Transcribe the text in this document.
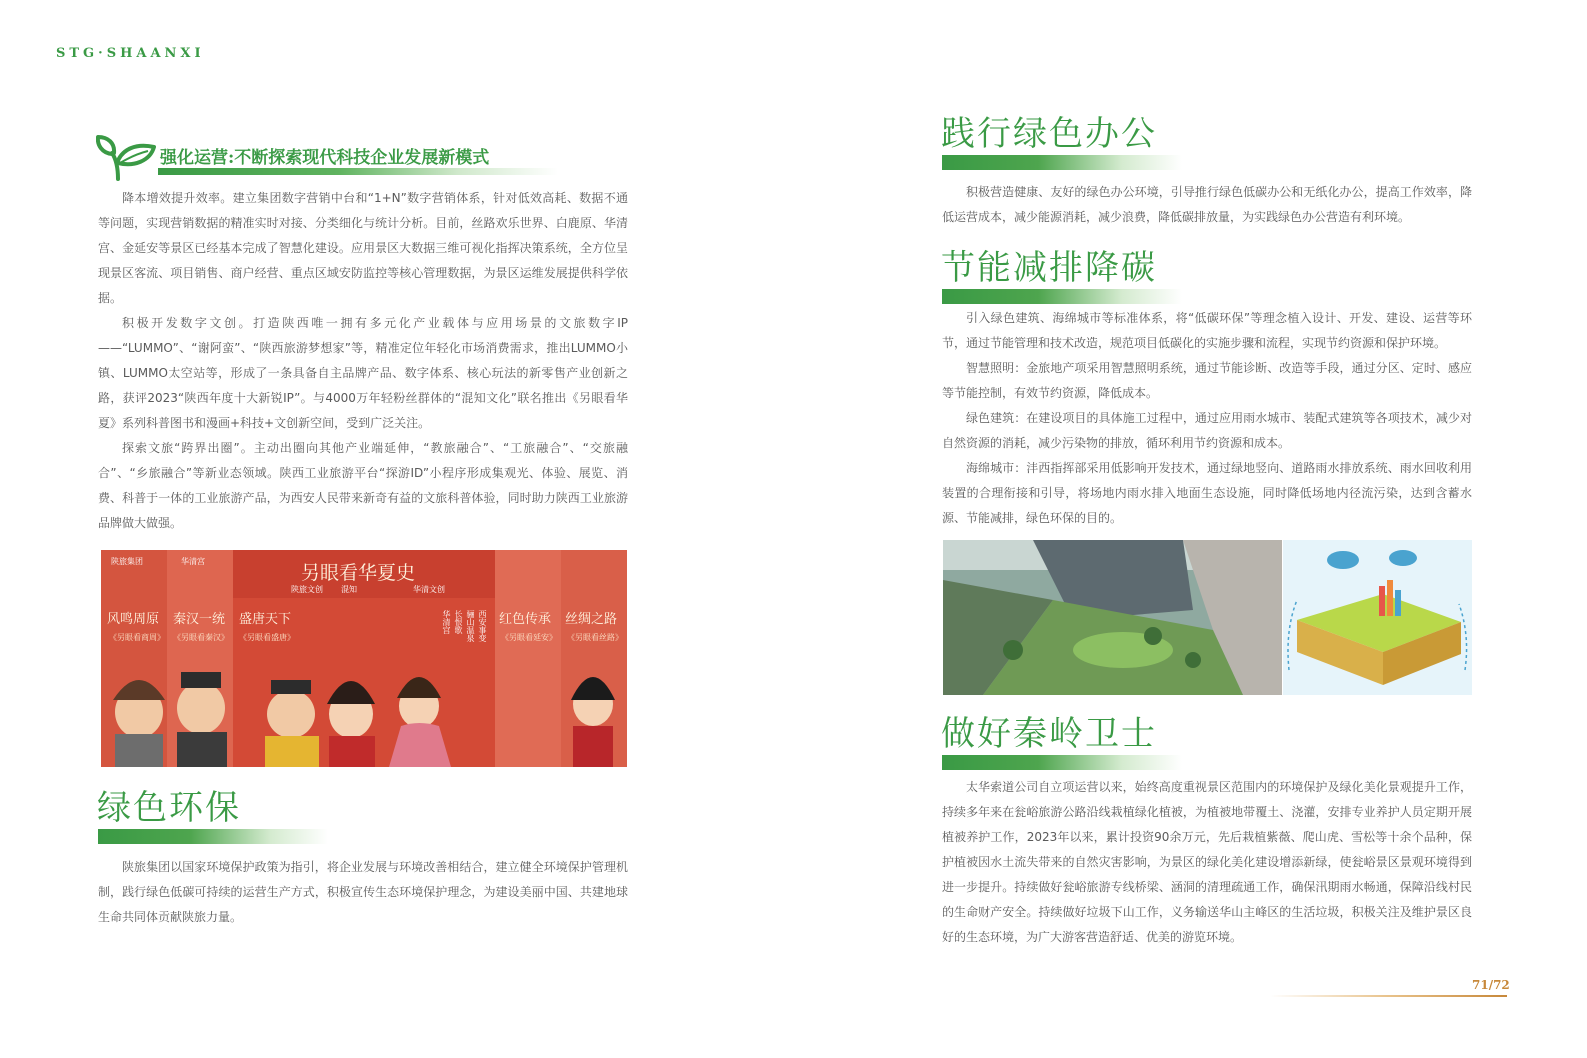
STG·SHAANXI
强化运营:不断探索现代科技企业发展新模式

降本增效提升效率。建立集团数字营销中台和“1+N”数字营销体系，针对低效高耗、数据不通等问题，实现营销数据的精准实时对接、分类细化与统计分析。目前，丝路欢乐世界、白鹿原、华清宫、金延安等景区已经基本完成了智慧化建设。应用景区大数据三维可视化指挥决策系统，全方位呈现景区客流、项目销售、商户经营、重点区域安防监控等核心管理数据，为景区运维发展提供科学依据。

积极开发数字文创。打造陕西唯一拥有多元化产业载体与应用场景的文旅数字IP——“LUMMO”、“谢阿蛮”、“陕西旅游梦想家”等，精准定位年轻化市场消费需求，推出LUMMO小镇、LUMMO太空站等，形成了一条具备自主品牌产品、数字体系、核心玩法的新零售产业创新之路，获评2023“陕西年度十大新锐IP”。与4000万年轻粉丝群体的“混知文化”联名推出《另眼看华夏》系列科普图书和漫画+科技+文创新空间，受到广泛关注。

探索文旅“跨界出圈”。主动出圈向其他产业端延伸，“教旅融合”、“工旅融合”、“交旅融合”、“乡旅融合”等新业态领域。陕西工业旅游平台“探游ID”小程序形成集观光、体验、展览、消费、科普于一体的工业旅游产品，为西安人民带来新奇有益的文旅科普体验，同时助力陕西工业旅游品牌做大做强。

陕旅集团	华清宫
另眼看华夏史
陕旅文创 混知	华清文创
风鸣周原
《另眼看商周》
秦汉一统
《另眼看秦汉》
盛唐天下
《另眼看盛唐》
红色传承
《另眼看延安》
丝绸之路
《另眼看丝路》
华清宫 长恨歌 骊山温泉 西安事变
绿色环保

陕旅集团以国家环境保护政策为指引，将企业发展与环境改善相结合，建立健全环境保护管理机制，践行绿色低碳可持续的运营生产方式，积极宣传生态环境保护理念，为建设美丽中国、共建地球生命共同体贡献陕旅力量。

践行绿色办公

积极营造健康、友好的绿色办公环境，引导推行绿色低碳办公和无纸化办公，提高工作效率，降低运营成本，减少能源消耗，减少浪费，降低碳排放量，为实践绿色办公营造有利环境。

节能减排降碳

引入绿色建筑、海绵城市等标准体系，将“低碳环保”等理念植入设计、开发、建设、运营等环节，通过节能管理和技术改造，规范项目低碳化的实施步骤和流程，实现节约资源和保护环境。

智慧照明：金旅地产项采用智慧照明系统，通过节能诊断、改造等手段，通过分区、定时、感应等节能控制，有效节约资源，降低成本。

绿色建筑：在建设项目的具体施工过程中，通过应用雨水城市、装配式建筑等各项技术，减少对自然资源的消耗，减少污染物的排放，循环利用节约资源和成本。

海绵城市：沣西指挥部采用低影响开发技术，通过绿地竖向、道路雨水排放系统、雨水回收利用装置的合理衔接和引导，将场地内雨水排入地面生态设施，同时降低场地内径流污染，达到含蓄水源、节能减排，绿色环保的目的。

做好秦岭卫士

太华索道公司自立项运营以来，始终高度重视景区范围内的环境保护及绿化美化景观提升工作，持续多年来在瓮峪旅游公路沿线栽植绿化植被，为植被地带覆土、浇灌，安排专业养护人员定期开展植被养护工作，2023年以来，累计投资90余万元，先后栽植紫薇、爬山虎、雪松等十余个品种，保护植被因水土流失带来的自然灾害影响，为景区的绿化美化建设增添新绿，使瓮峪景区景观环境得到进一步提升。持续做好瓮峪旅游专线桥梁、涵洞的清理疏通工作，确保汛期雨水畅通，保障沿线村民的生命财产安全。持续做好垃圾下山工作，义务输送华山主峰区的生活垃圾，积极关注及维护景区良好的生态环境，为广大游客营造舒适、优美的游览环境。

71/72
